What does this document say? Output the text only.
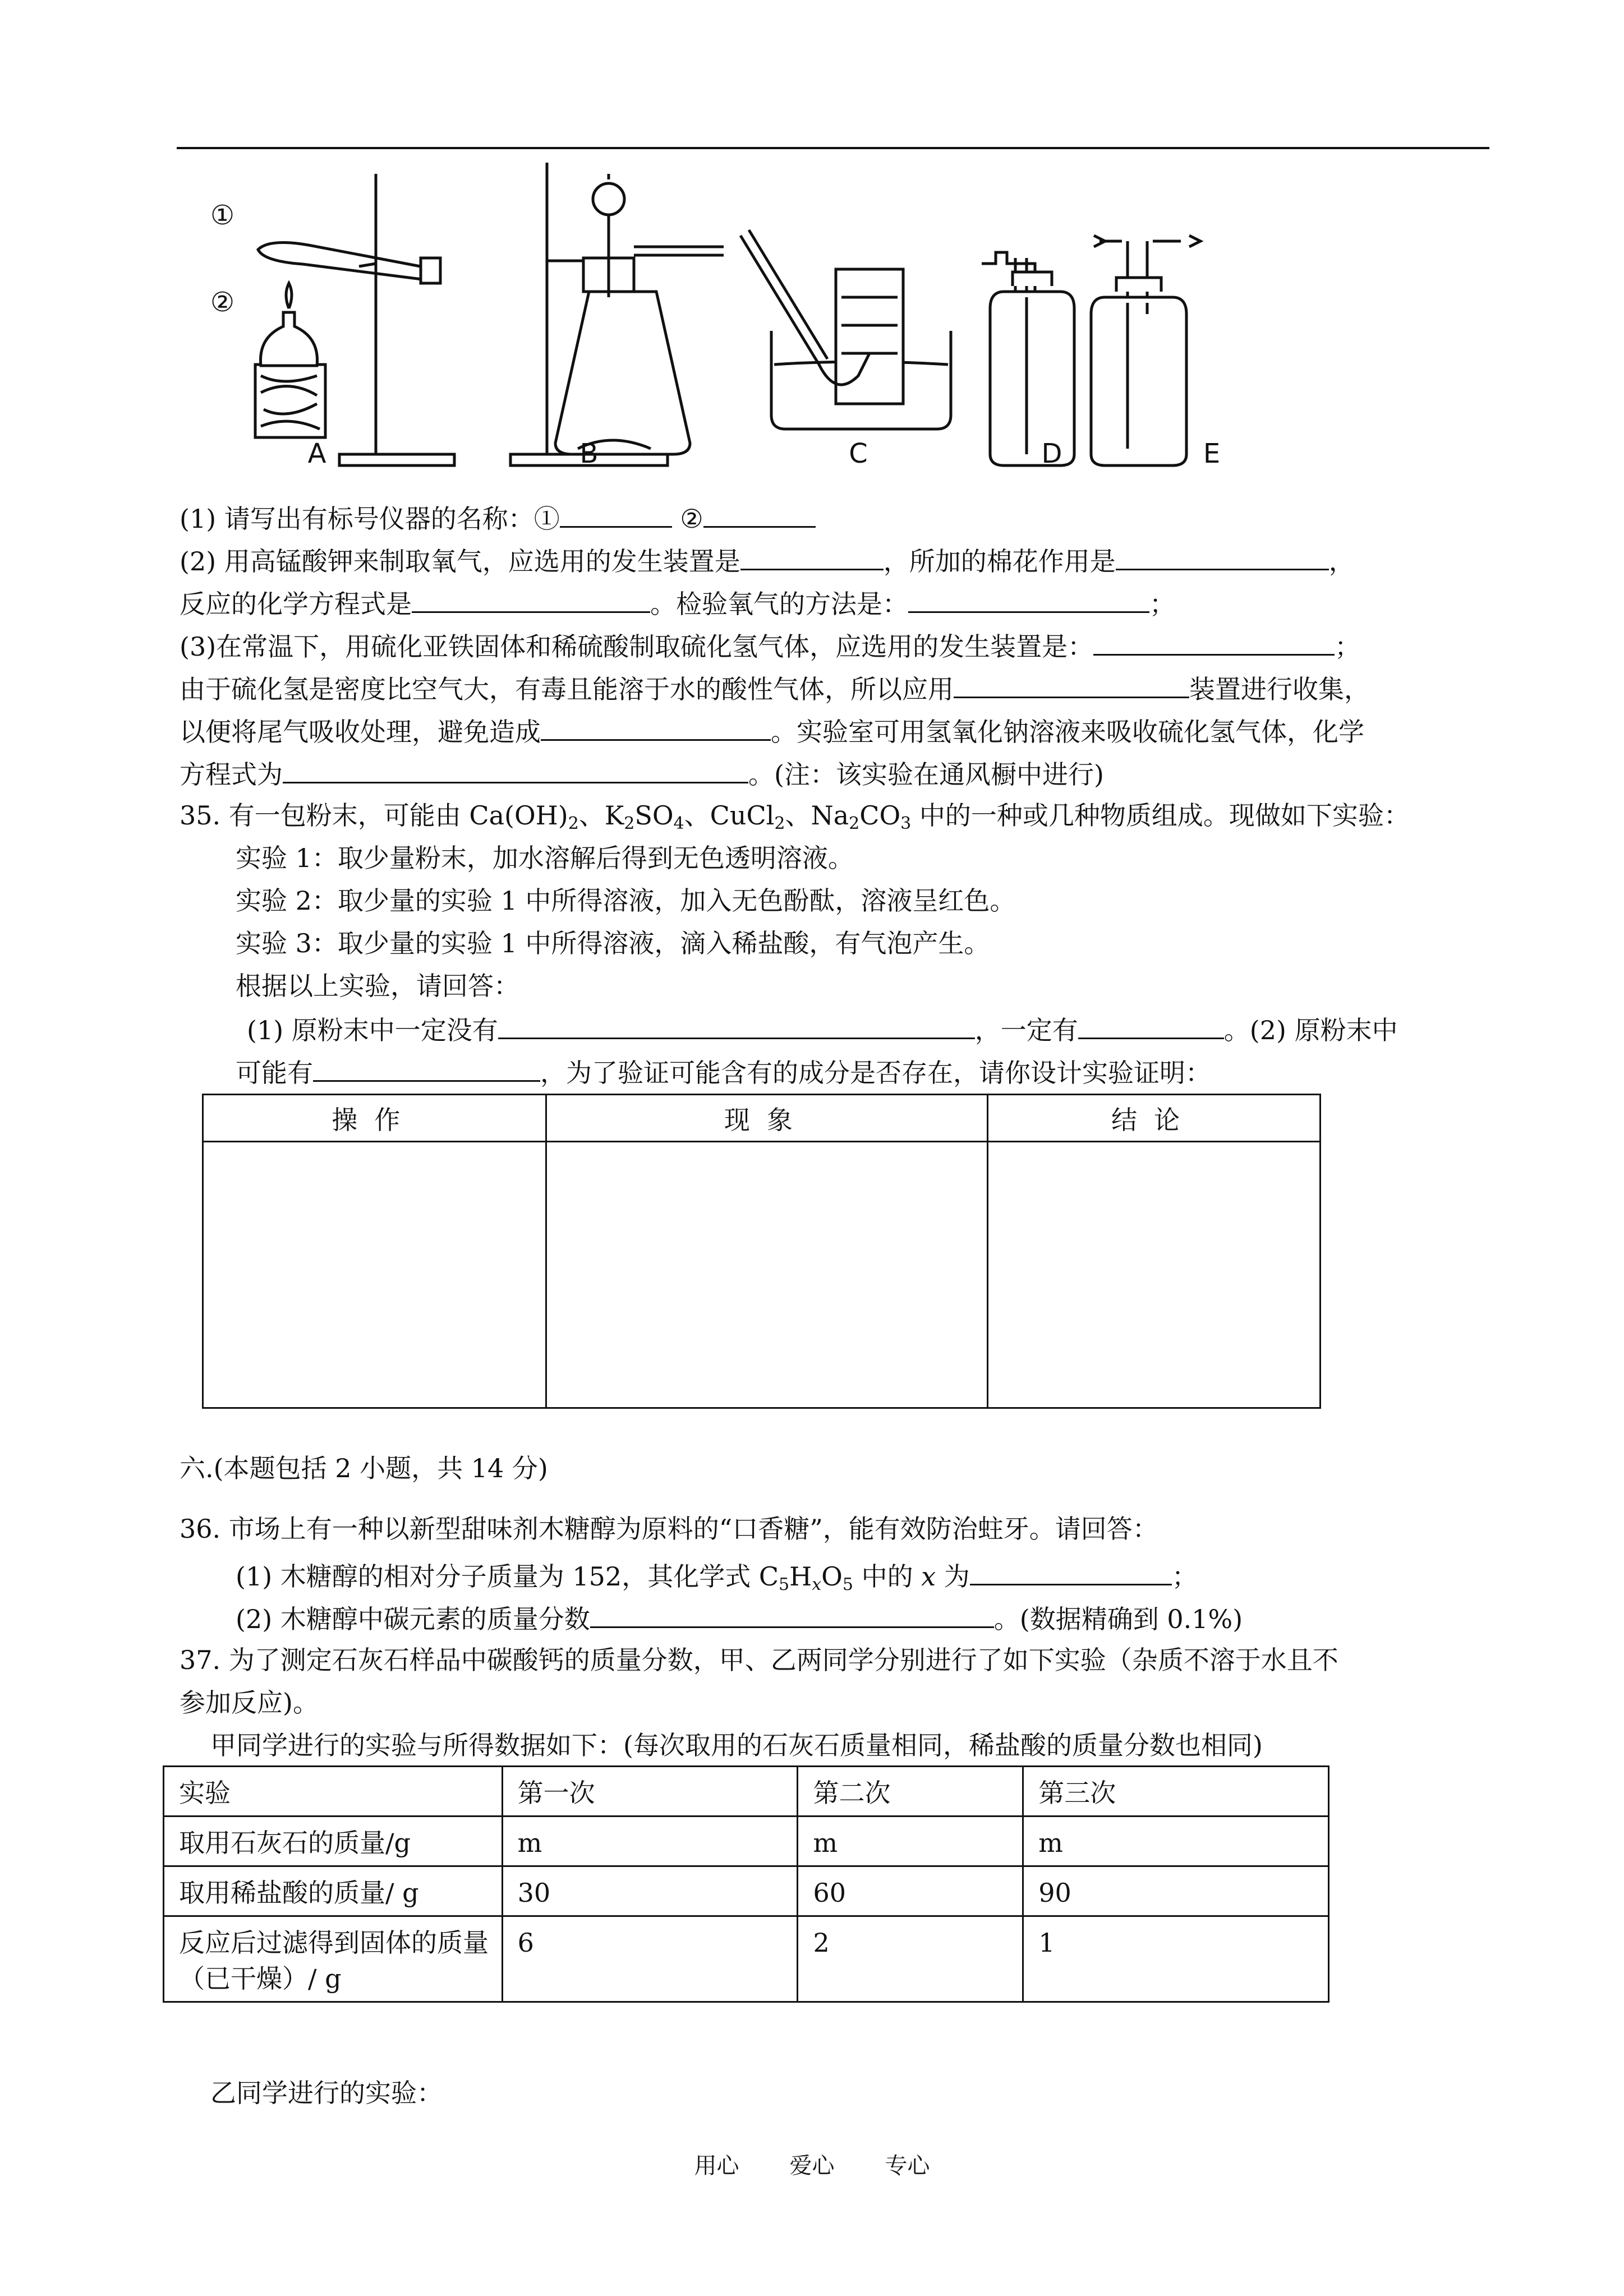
①
②
A	B	C	D	E
(1) 请写出有标号仪器的名称：①	②
(2) 用高锰酸钾来制取氧气，应选用的发生装置是	，所加的棉花作用是	，
反应的化学方程式是	。检验氧气的方法是：	；
(3)在常温下，用硫化亚铁固体和稀硫酸制取硫化氢气体，应选用的发生装置是：	；
由于硫化氢是密度比空气大，有毒且能溶于水的酸性气体，所以应用	装置进行收集，
以便将尾气吸收处理，避免造成	。实验室可用氢氧化钠溶液来吸收硫化氢气体，化学
方程式为	。(注：该实验在通风橱中进行)
35. 有一包粉末，可能由 $Ca(OH)_2$、$K_2SO_4$、CuCl$_2$、$Na_2CO_3$ 中的一种或几种物质组成。现做如下实验：
实验 1：取少量粉末，加水溶解后得到无色透明溶液。
实验 2：取少量的实验 1 中所得溶液，加入无色酚酞，溶液呈红色。
实验 3：取少量的实验 1 中所得溶液，滴入稀盐酸，有气泡产生。
根据以上实验，请回答：
(1) 原粉末中一定没有	，一定有	。(2) 原粉末中
可能有	，为了验证可能含有的成分是否存在，请你设计实验证明：
操作	现象	结论

六.(本题包括 2 小题，共 14 分)
36. 市场上有一种以新型甜味剂木糖醇为原料的“口香糖”，能有效防治蛀牙。请回答：
(1) 木糖醇的相对分子质量为 152，其化学式 $C_5H_xO_5$ 中的 x 为	；
(2) 木糖醇中碳元素的质量分数	。(数据精确到 0.1%)
37. 为了测定石灰石样品中碳酸钙的质量分数，甲、乙两同学分别进行了如下实验（杂质不溶于水且不
参加反应)。
甲同学进行的实验与所得数据如下：(每次取用的石灰石质量相同，稀盐酸的质量分数也相同)
实验	第一次	第二次	第三次
取用石灰石的质量/g	m	m	m
取用稀盐酸的质量/ g	30	60	90
反应后过滤得到固体的质量（已干燥）/ g	6	2	1
乙同学进行的实验：
用心 爱心 专心
